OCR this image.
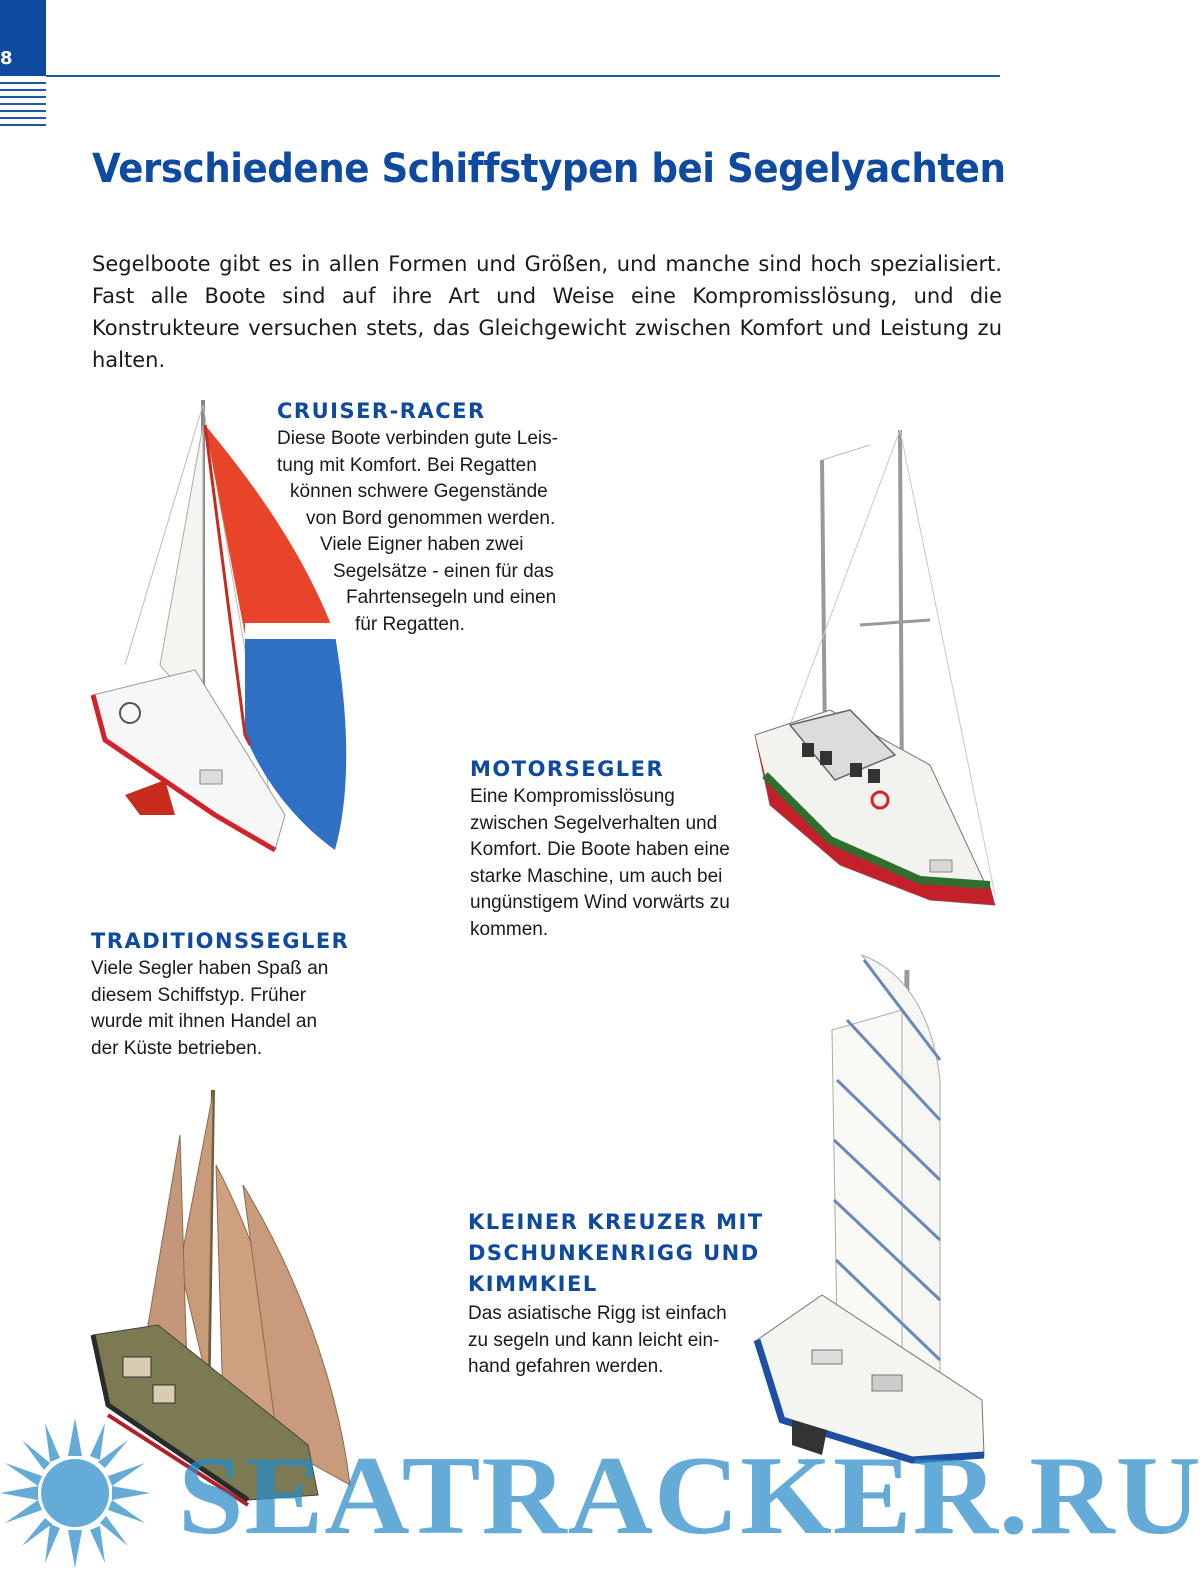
8
Verschiedene Schiffstypen bei Segelyachten

Segelboote gibt es in allen Formen und Größen, und manche sind hoch spezialisiert. Fast alle Boote sind auf ihre Art und Weise eine Kompromisslösung, und die Konstrukteure versuchen stets, das Gleichgewicht zwischen Komfort und Leistung zu halten.

CRUISER-RACER
Diese Boote verbinden gute Leis-
tung mit Komfort. Bei Regatten
können schwere Gegenstände
von Bord genommen werden.
Viele Eigner haben zwei
Segelsätze - einen für das
Fahrtensegeln und einen
für Regatten.
MOTORSEGLER
Eine Kompromisslösung
zwischen Segelverhalten und
Komfort. Die Boote haben eine
starke Maschine, um auch bei
ungünstigem Wind vorwärts zu
kommen.
TRADITIONSSEGLER
Viele Segler haben Spaß an
diesem Schiffstyp. Früher
wurde mit ihnen Handel an
der Küste betrieben.
KLEINER KREUZER MIT
DSCHUNKENRIGG UND
KIMMKIEL
Das asiatische Rigg ist einfach
zu segeln und kann leicht ein-
hand gefahren werden.
SEATRACKER.RU
